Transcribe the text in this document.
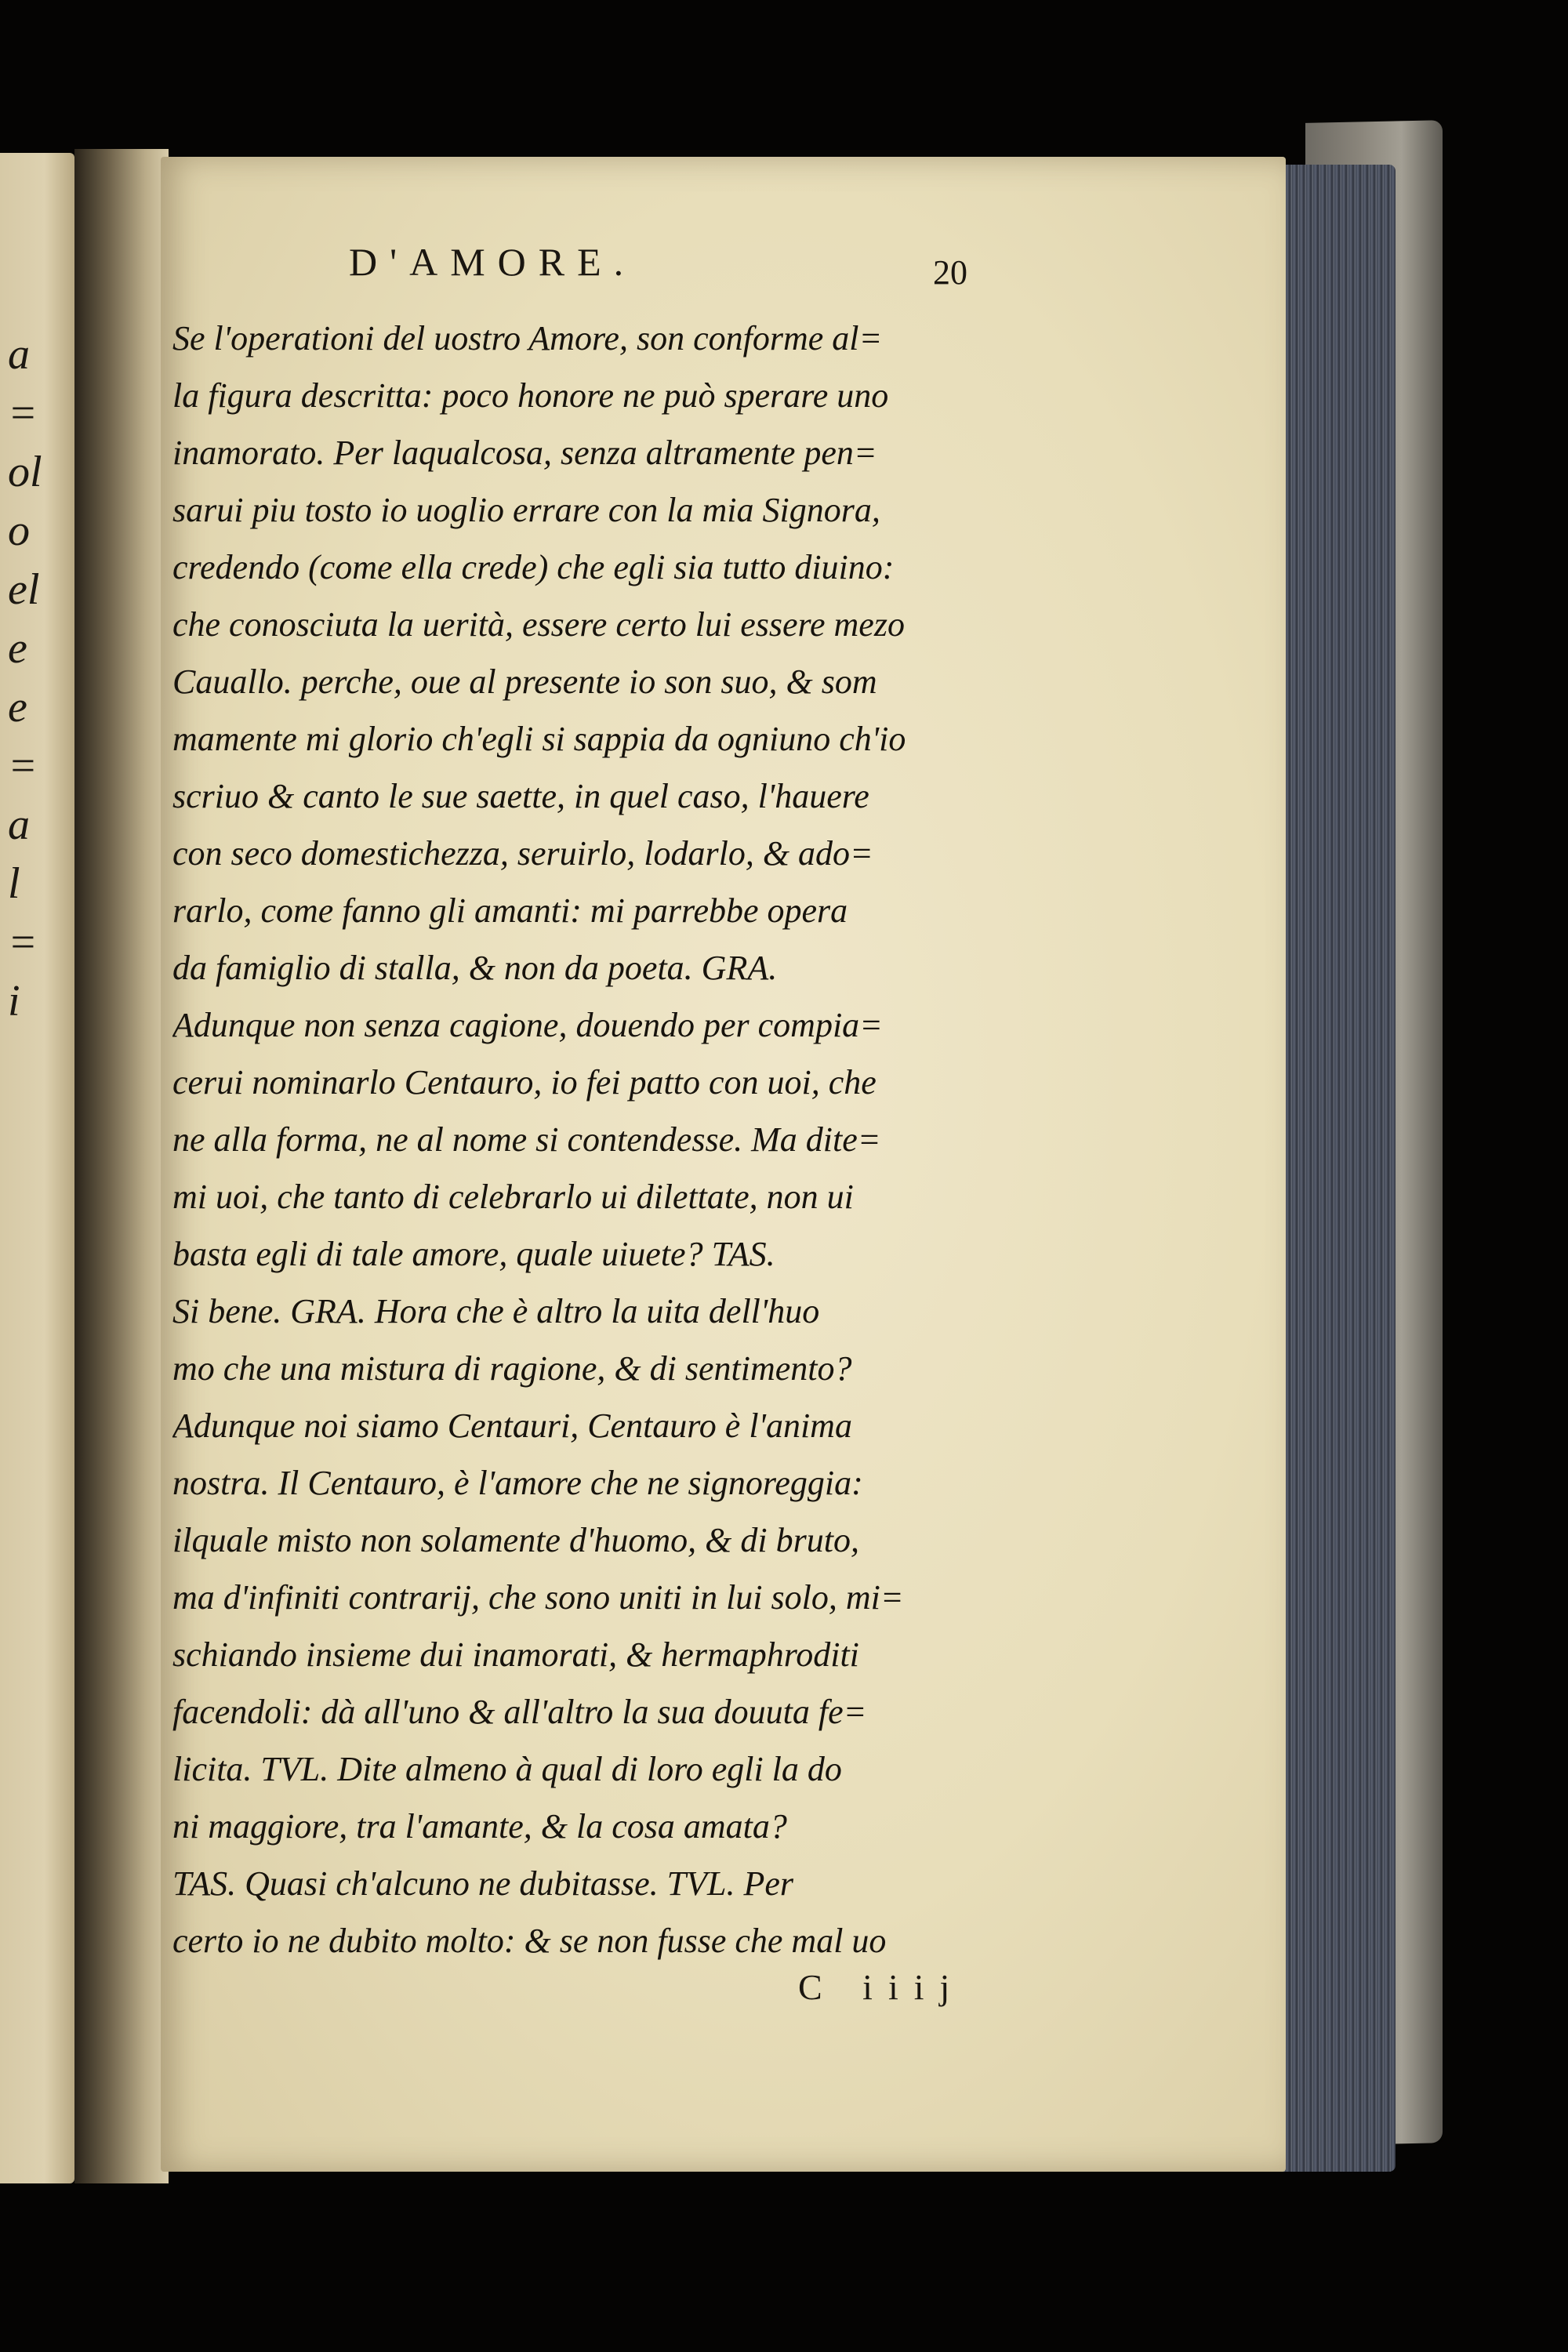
a
=
ol
o
el
e
e
=
a
l
=
i
D'AMORE.	20
Se l'operationi del uostro Amore, son conforme al=
la figura descritta: poco honore ne può sperare uno
inamorato. Per laqualcosa, senza altramente pen=
sarui piu tosto io uoglio errare con la mia Signora,
credendo (come ella crede) che egli sia tutto diuino:
che conosciuta la uerità, essere certo lui essere mezo
Cauallo. perche, oue al presente io son suo, & som
mamente mi glorio ch'egli si sappia da ogniuno ch'io
scriuo & canto le sue saette, in quel caso, l'hauere
con seco domestichezza, seruirlo, lodarlo, & ado=
rarlo, come fanno gli amanti: mi parrebbe opera
da famiglio di stalla, & non da poeta. GRA.
Adunque non senza cagione, douendo per compia=
cerui nominarlo Centauro, io fei patto con uoi, che
ne alla forma, ne al nome si contendesse. Ma dite=
mi uoi, che tanto di celebrarlo ui dilettate, non ui
basta egli di tale amore, quale uiuete? TAS.
Si bene. GRA. Hora che è altro la uita dell'huo
mo che una mistura di ragione, & di sentimento?
Adunque noi siamo Centauri, Centauro è l'anima
nostra. Il Centauro, è l'amore che ne signoreggia:
ilquale misto non solamente d'huomo, & di bruto,
ma d'infiniti contrarij, che sono uniti in lui solo, mi=
schiando insieme dui inamorati, & hermaphroditi
facendoli: dà all'uno & all'altro la sua douuta fe=
licita. TVL. Dite almeno à qual di loro egli la do
ni maggiore, tra l'amante, & la cosa amata?
TAS. Quasi ch'alcuno ne dubitasse. TVL. Per
certo io ne dubito molto: & se non fusse che mal uo
C iiij
